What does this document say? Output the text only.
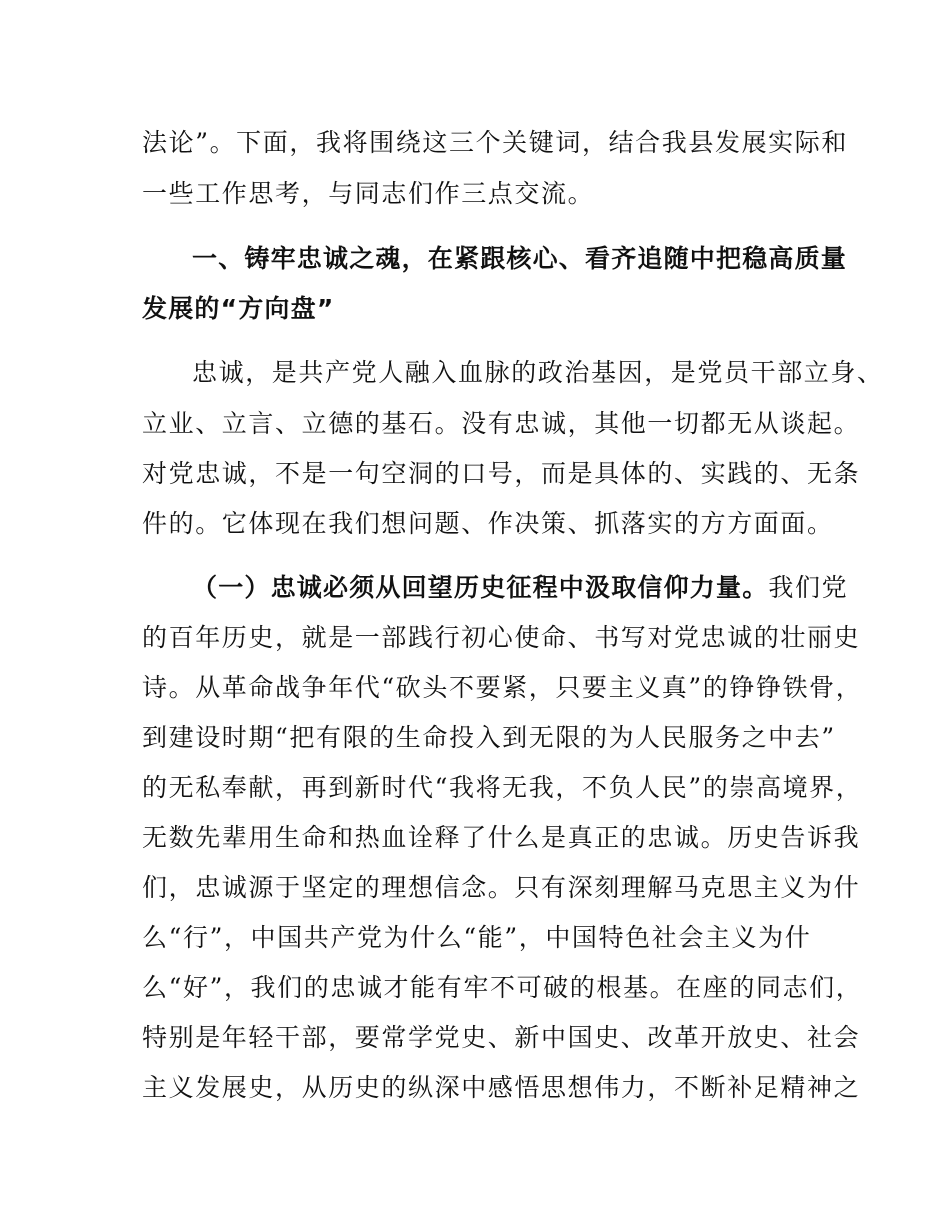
法论”。下面，我将围绕这三个关键词，结合我县发展实际和
一些工作思考，与同志们作三点交流。
一、铸牢忠诚之魂，在紧跟核心、看齐追随中把稳高质量
发展的“方向盘”
忠诚，是共产党人融入血脉的政治基因，是党员干部立身、
立业、立言、立德的基石。没有忠诚，其他一切都无从谈起。
对党忠诚，不是一句空洞的口号，而是具体的、实践的、无条
件的。它体现在我们想问题、作决策、抓落实的方方面面。
（一）忠诚必须从回望历史征程中汲取信仰力量。我们党
的百年历史，就是一部践行初心使命、书写对党忠诚的壮丽史
诗。从革命战争年代“砍头不要紧，只要主义真”的铮铮铁骨，
到建设时期“把有限的生命投入到无限的为人民服务之中去”
的无私奉献，再到新时代“我将无我，不负人民”的崇高境界，
无数先辈用生命和热血诠释了什么是真正的忠诚。历史告诉我
们，忠诚源于坚定的理想信念。只有深刻理解马克思主义为什
么“行”，中国共产党为什么“能”，中国特色社会主义为什
么“好”，我们的忠诚才能有牢不可破的根基。在座的同志们，
特别是年轻干部，要常学党史、新中国史、改革开放史、社会
主义发展史，从历史的纵深中感悟思想伟力，不断补足精神之
